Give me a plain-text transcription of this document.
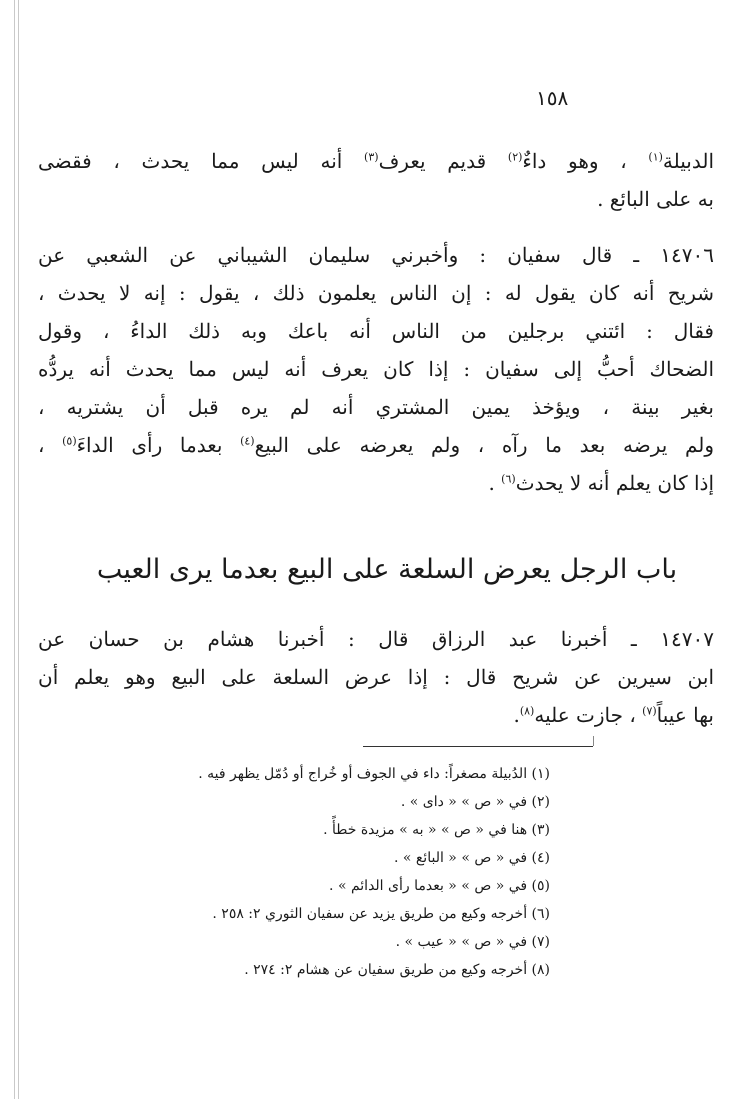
١٥٨
الدبيلة$^{(١)}$ ، وهو داءٌ$^{(٢)}$ قديم يعرف$^{(٣)}$ أنه ليس مما يحدث ، فقضى
به على البائع .
١٤٧٠٦ ـ قال سفيان : وأخبرني سليمان الشيباني عن الشعبي عن
شريح أنه كان يقول له : إن الناس يعلمون ذلك ، يقول : إنه لا يحدث ،
فقال : ائتني برجلين من الناس أنه باعك وبه ذلك الداءُ ، وقول
الضحاك أحبُّ إلى سفيان : إذا كان يعرف أنه ليس مما يحدث أنه يردُّه
بغير بينة ، ويؤخذ يمين المشتري أنه لم يره قبل أن يشتريه ،
ولم يرضه بعد ما رآه ، ولم يعرضه على البيع$^{(٤)}$ بعدما رأى الداءَ$^{(٥)}$ ،
إذا كان يعلم أنه لا يحدث$^{(٦)}$ .
باب الرجل يعرض السلعة على البيع بعدما يرى العيب
١٤٧٠٧ ـ أخبرنا عبد الرزاق قال : أخبرنا هشام بن حسان عن
ابن سيرين عن شريح قال : إذا عرض السلعة على البيع وهو يعلم أن
بها عيباً$^{(٧)}$ ، جازت عليه$^{(٨)}$.
(١) الدُبيلة مصغراً: داء في الجوف أو خُراج أو دُمّل يظهر فيه .
(٢) في « ص » « داى » .
(٣) هنا في « ص » « به » مزيدة خطأً .
(٤) في « ص » « البائع » .
(٥) في « ص » « بعدما رأى الدائم » .
(٦) أخرجه وكيع من طريق يزيد عن سفيان الثوري ٢: ٢٥٨ .
(٧) في « ص » « عيب » .
(٨) أخرجه وكيع من طريق سفيان عن هشام ٢: ٢٧٤ .
